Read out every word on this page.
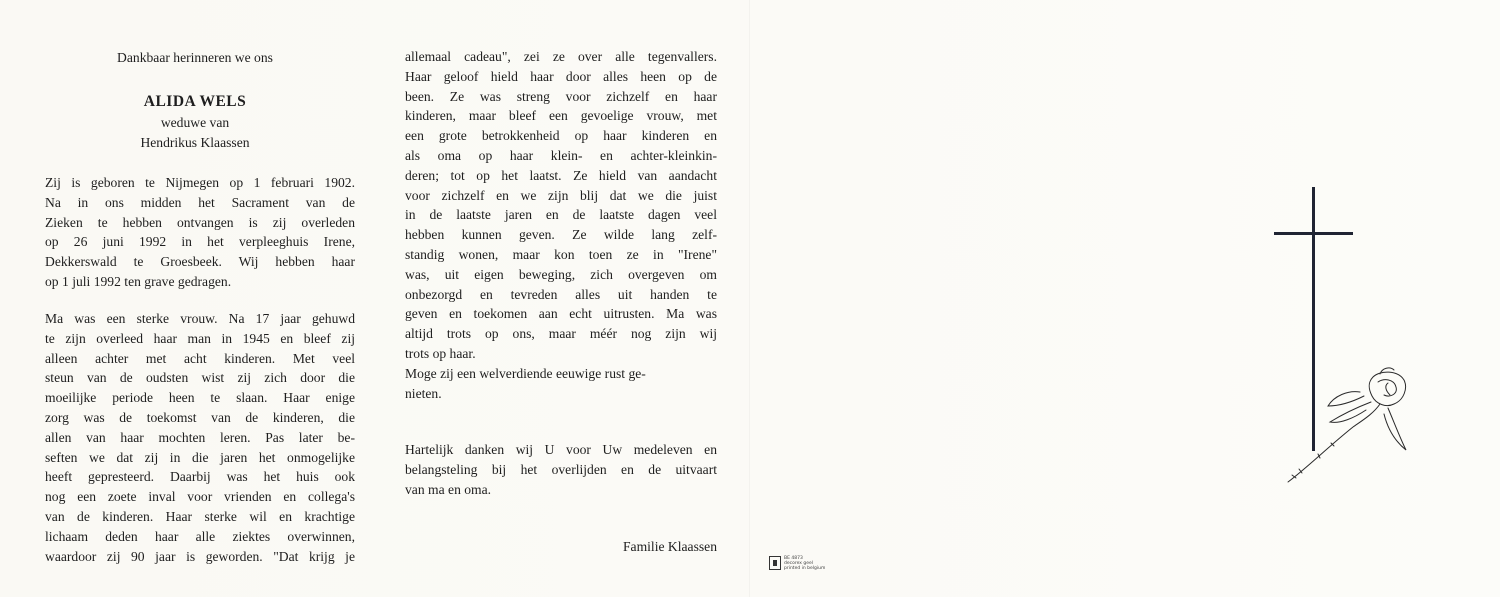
Dankbaar herinneren we ons
ALIDA WELS
weduwe van
Hendrikus Klaassen
Zij is geboren te Nijmegen op 1 februari 1902.
Na in ons midden het Sacrament van de
Zieken te hebben ontvangen is zij overleden
op 26 juni 1992 in het verpleeghuis Irene,
Dekkerswald te Groesbeek. Wij hebben haar
op 1 juli 1992 ten grave gedragen.
Ma was een sterke vrouw. Na 17 jaar gehuwd
te zijn overleed haar man in 1945 en bleef zij
alleen achter met acht kinderen. Met veel
steun van de oudsten wist zij zich door die
moeilijke periode heen te slaan. Haar enige
zorg was de toekomst van de kinderen, die
allen van haar mochten leren. Pas later be-
seften we dat zij in die jaren het onmogelijke
heeft gepresteerd. Daarbij was het huis ook
nog een zoete inval voor vrienden en collega's
van de kinderen. Haar sterke wil en krachtige
lichaam deden haar alle ziektes overwinnen,
waardoor zij 90 jaar is geworden. "Dat krijg je
allemaal cadeau", zei ze over alle tegenvallers.
Haar geloof hield haar door alles heen op de
been. Ze was streng voor zichzelf en haar
kinderen, maar bleef een gevoelige vrouw, met
een grote betrokkenheid op haar kinderen en
als oma op haar klein- en achter-kleinkin-
deren; tot op het laatst. Ze hield van aandacht
voor zichzelf en we zijn blij dat we die juist
in de laatste jaren en de laatste dagen veel
hebben kunnen geven. Ze wilde lang zelf-
standig wonen, maar kon toen ze in "Irene"
was, uit eigen beweging, zich overgeven om
onbezorgd en tevreden alles uit handen te
geven en toekomen aan echt uitrusten. Ma was
altijd trots op ons, maar méér nog zijn wij
trots op haar.
Moge zij een welverdiende eeuwige rust ge-
nieten.
Hartelijk danken wij U voor Uw medeleven en
belangsteling bij het overlijden en de uitvaart
van ma en oma.
Familie Klaassen
BE 4873
decorex geel
printed in belgium
